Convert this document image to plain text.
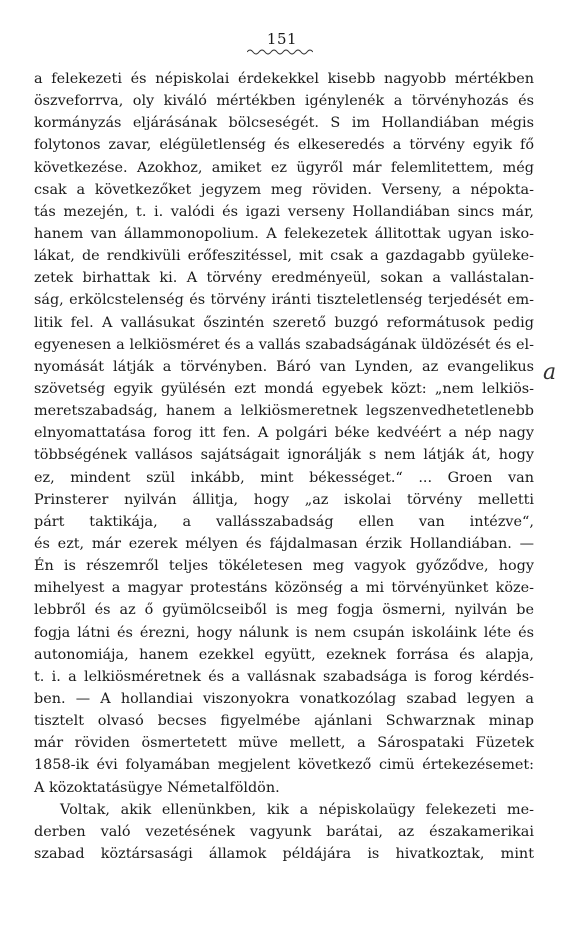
151
a felekezeti és népiskolai érdekekkel kisebb nagyobb mértékben
öszveforrva, oly kiváló mértékben igénylenék a törvényhozás és
kormányzás eljárásának bölcseségét. S im Hollandiában mégis
folytonos zavar, elégületlenség és elkeseredés a törvény egyik fő
következése. Azokhoz, amiket ez ügyről már felemlitettem, még
csak a következőket jegyzem meg röviden. Verseny, a népokta-
tás mezején, t. i. valódi és igazi verseny Hollandiában sincs már,
hanem van állammonopolium. A felekezetek állitottak ugyan isko-
lákat, de rendkivüli erőfeszitéssel, mit csak a gazdagabb gyüleke-
zetek birhattak ki. A törvény eredményeül, sokan a vallástalan-
ság, erkölcstelenség és törvény iránti tiszteletlenség terjedését em-
litik fel. A vallásukat őszintén szerető buzgó reformátusok pedig
egyenesen a lelkiösméret és a vallás szabadságának üldözését és el-
nyomását látják a törvényben. Báró van Lynden, az evangelikus
szövetség egyik gyülésén ezt mondá egyebek közt: „nem lelkiös-
meretszabadság, hanem a lelkiösmeretnek legszenvedhetetlenebb
elnyomattatása forog itt fen. A polgári béke kedvéért a nép nagy
többségének vallásos sajátságait ignorálják s nem látják át, hogy
ez, mindent szül inkább, mint békességet.“ ... Groen van
Prinsterer nyilván állitja, hogy „az iskolai törvény melletti
párt taktikája, a vallásszabadság ellen van intézve“,
és ezt, már ezerek mélyen és fájdalmasan érzik Hollandiában. —
Én is részemről teljes tökéletesen meg vagyok győződve, hogy
mihelyest a magyar protestáns közönség a mi törvényünket köze-
lebbről és az ő gyümölcseiből is meg fogja ösmerni, nyilván be
fogja látni és érezni, hogy nálunk is nem csupán iskoláink léte és
autonomiája, hanem ezekkel együtt, ezeknek forrása és alapja,
t. i. a lelkiösméretnek és a vallásnak szabadsága is forog kérdés-
ben. — A hollandiai viszonyokra vonatkozólag szabad legyen a
tisztelt olvasó becses figyelmébe ajánlani Schwarznak minap
már röviden ösmertetett müve mellett, a Sárospataki Füzetek
1858-ik évi folyamában megjelent következő cimü értekezésemet:
A közoktatásügye Németalföldön.
Voltak, akik ellenünkben, kik a népiskolaügy felekezeti me-
derben való vezetésének vagyunk barátai, az északamerikai
szabad köztársasági államok példájára is hivatkoztak, mint
a
